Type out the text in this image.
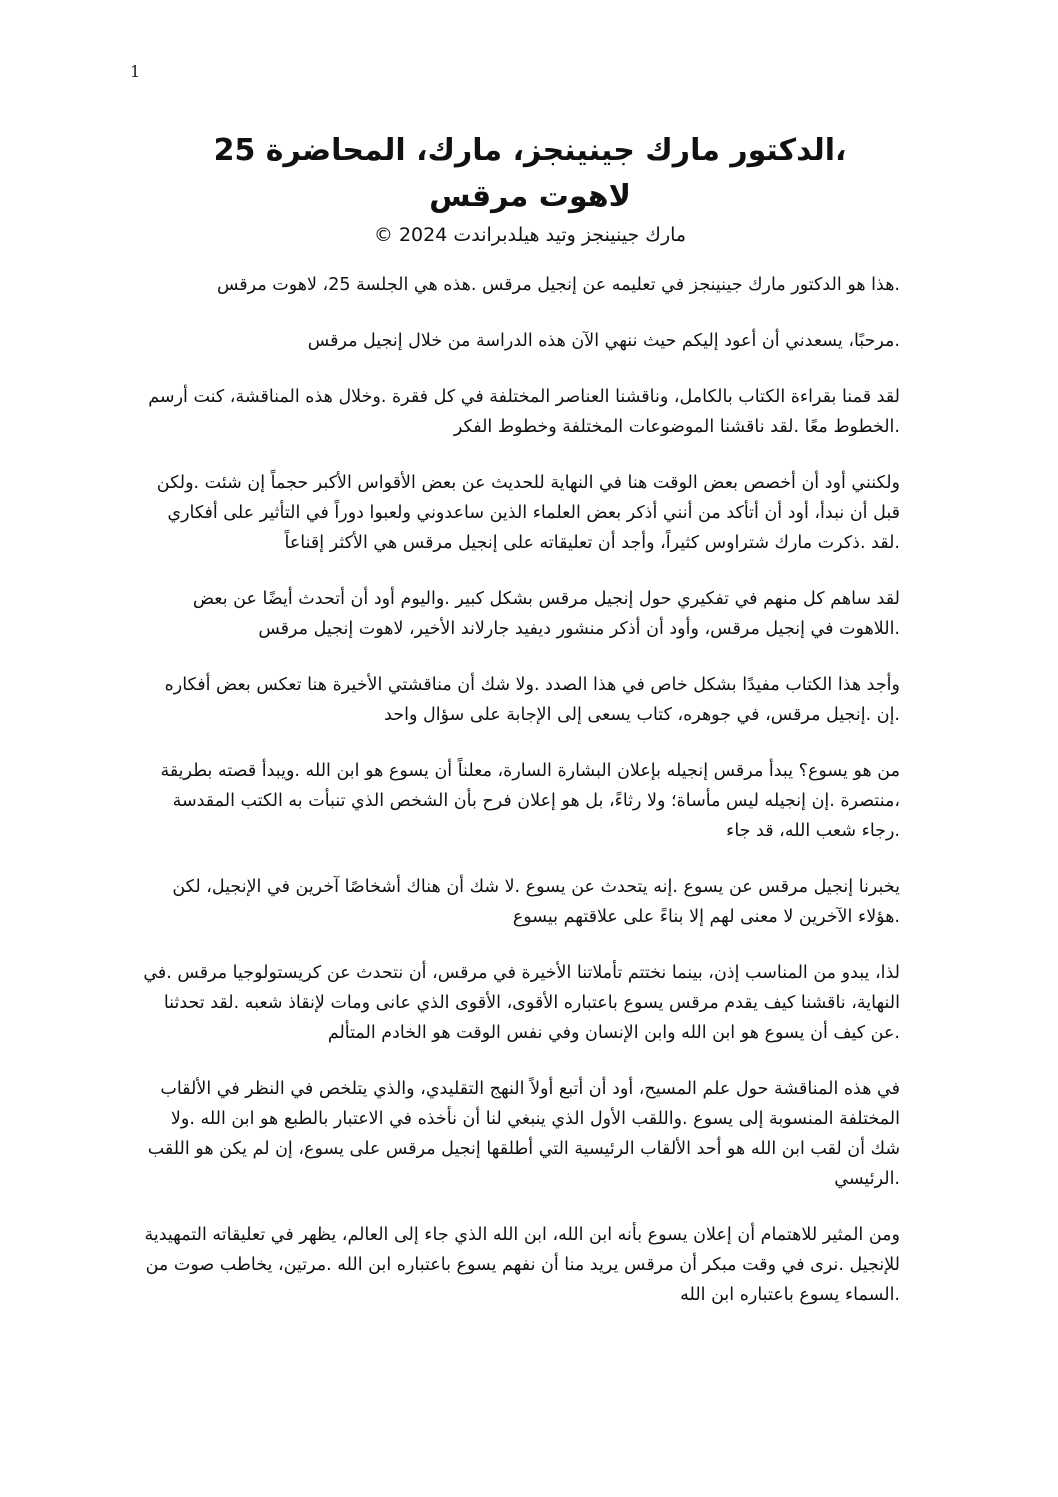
1

،الدكتور مارك جينينجز، مارك، المحاضرة 25

لاهوت مرقس

مارك جينينجز وتيد هيلدبراندت 2024 ©

.هذا هو الدكتور مارك جينينجز في تعليمه عن إنجيل مرقس .هذه هي الجلسة 25، لاهوت مرقس

.مرحبًا، يسعدني أن أعود إليكم حيث ننهي الآن هذه الدراسة من خلال إنجيل مرقس

لقد قمنا بقراءة الكتاب بالكامل، وناقشنا العناصر المختلفة في كل فقرة .وخلال هذه المناقشة، كنت أرسم .الخطوط معًا .لقد ناقشنا الموضوعات المختلفة وخطوط الفكر

ولكنني أود أن أخصص بعض الوقت هنا في النهاية للحديث عن بعض الأقواس الأكبر حجماً إن شئت .ولكن قبل أن نبدأ، أود أن أتأكد من أنني أذكر بعض العلماء الذين ساعدوني ولعبوا دوراً في التأثير على أفكاري .لقد .ذكرت مارك شتراوس كثيراً، وأجد أن تعليقاته على إنجيل مرقس هي الأكثر إقناعاً

لقد ساهم كل منهم في تفكيري حول إنجيل مرقس بشكل كبير .واليوم أود أن أتحدث أيضًا عن بعض .اللاهوت في إنجيل مرقس، وأود أن أذكر منشور ديفيد جارلاند الأخير، لاهوت إنجيل مرقس

وأجد هذا الكتاب مفيدًا بشكل خاص في هذا الصدد .ولا شك أن مناقشتي الأخيرة هنا تعكس بعض أفكاره .إن .إنجيل مرقس، في جوهره، كتاب يسعى إلى الإجابة على سؤال واحد

من هو يسوع؟ يبدأ مرقس إنجيله بإعلان البشارة السارة، معلناً أن يسوع هو ابن الله .ويبدأ قصته بطريقة ،منتصرة .إن إنجيله ليس مأساة؛ ولا رثاءً، بل هو إعلان فرح بأن الشخص الذي تنبأت به الكتب المقدسة .رجاء شعب الله، قد جاء

يخبرنا إنجيل مرقس عن يسوع .إنه يتحدث عن يسوع .لا شك أن هناك أشخاصًا آخرين في الإنجيل، لكن .هؤلاء الآخرين لا معنى لهم إلا بناءً على علاقتهم بيسوع

لذا، يبدو من المناسب إذن، بينما نختتم تأملاتنا الأخيرة في مرقس، أن نتحدث عن كريستولوجيا مرقس .في النهاية، ناقشنا كيف يقدم مرقس يسوع باعتباره الأقوى، الأقوى الذي عانى ومات لإنقاذ شعبه .لقد تحدثنا .عن كيف أن يسوع هو ابن الله وابن الإنسان وفي نفس الوقت هو الخادم المتألم

في هذه المناقشة حول علم المسيح، أود أن أتبع أولاً النهج التقليدي، والذي يتلخص في النظر في الألقاب المختلفة المنسوبة إلى يسوع .واللقب الأول الذي ينبغي لنا أن نأخذه في الاعتبار بالطبع هو ابن الله .ولا شك أن لقب ابن الله هو أحد الألقاب الرئيسية التي أطلقها إنجيل مرقس على يسوع، إن لم يكن هو اللقب .الرئيسي

ومن المثير للاهتمام أن إعلان يسوع بأنه ابن الله، ابن الله الذي جاء إلى العالم، يظهر في تعليقاته التمهيدية للإنجيل .نرى في وقت مبكر أن مرقس يريد منا أن نفهم يسوع باعتباره ابن الله .مرتين، يخاطب صوت من .السماء يسوع باعتباره ابن الله
